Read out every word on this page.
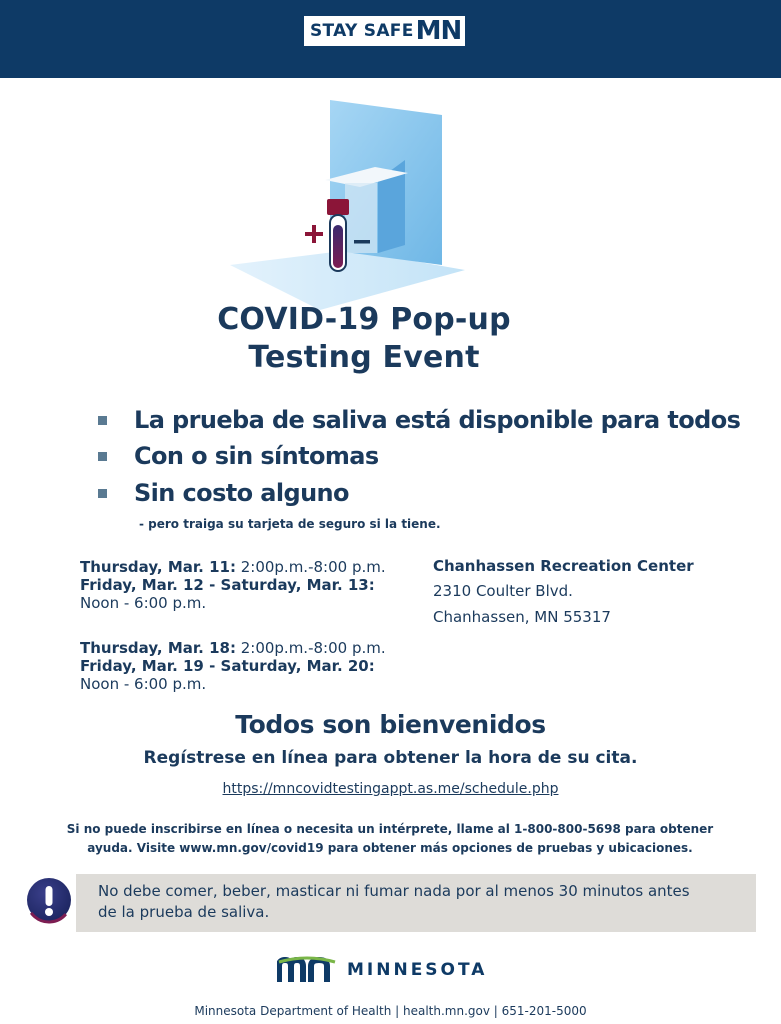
STAY SAFE MN
COVID-19 Pop-up
Testing Event
La prueba de saliva está disponible para todos
Con o sin síntomas
Sin costo alguno
- pero traiga su tarjeta de seguro si la tiene.
Thursday, Mar. 11: 2:00p.m.-8:00 p.m.
Friday, Mar. 12 - Saturday, Mar. 13:
Noon - 6:00 p.m.
Thursday, Mar. 18: 2:00p.m.-8:00 p.m.
Friday, Mar. 19 - Saturday, Mar. 20:
Noon - 6:00 p.m.
Chanhassen Recreation Center
2310 Coulter Blvd.
Chanhassen, MN 55317
Todos son bienvenidos
Regístrese en línea para obtener la hora de su cita.
https://mncovidtestingappt.as.me/schedule.php
Si no puede inscribirse en línea o necesita un intérprete, llame al 1-800-800-5698 para obtener
ayuda. Visite www.mn.gov/covid19 para obtener más opciones de pruebas y ubicaciones.
No debe comer, beber, masticar ni fumar nada por al menos 30 minutos antes
de la prueba de saliva.
MINNESOTA
Minnesota Department of Health | health.mn.gov | 651-201-5000
